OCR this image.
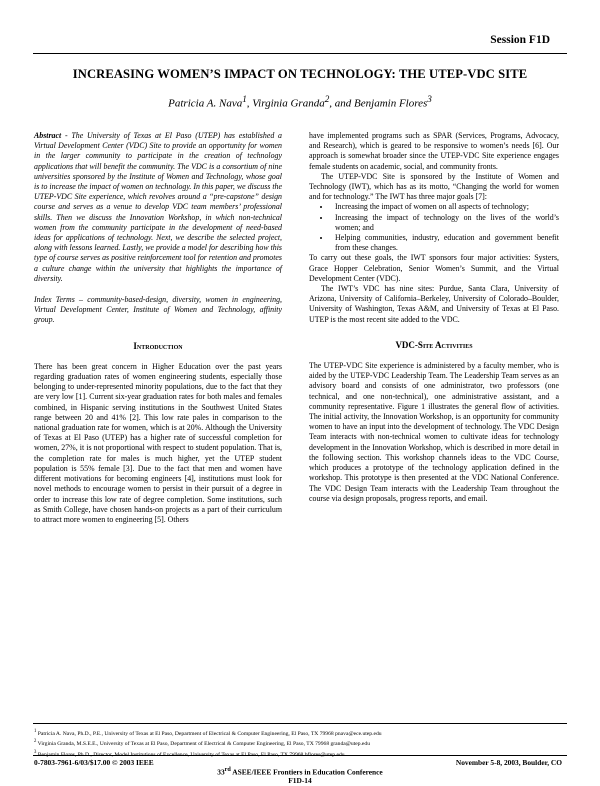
Session F1D
INCREASING WOMEN’S IMPACT ON TECHNOLOGY: THE UTEP-VDC SITE
Patricia A. Nava$^1$, Virginia Granda$^2$, and Benjamin Flores$^3$

Abstract - The University of Texas at El Paso (UTEP) has established a Virtual Development Center (VDC) Site to provide an opportunity for women in the larger community to participate in the creation of technology applications that will benefit the community. The VDC is a consortium of nine universities sponsored by the Institute of Women and Technology, whose goal is to increase the impact of women on technology. In this paper, we discuss the UTEP-VDC Site experience, which revolves around a “pre-capstone” design course and serves as a venue to develop VDC team members’ professional skills. Then we discuss the Innovation Workshop, in which non-technical women from the community participate in the development of need-based ideas for applications of technology. Next, we describe the selected project, along with lessons learned. Lastly, we provide a model for describing how this type of course serves as positive reinforcement tool for retention and promotes a culture change within the university that highlights the importance of diversity.

Index Terms – community-based-design, diversity, women in engineering, Virtual Development Center, Institute of Women and Technology, affinity group.

Introduction

There has been great concern in Higher Education over the past years regarding graduation rates of women engineering students, especially those belonging to under-represented minority populations, due to the fact that they are very low [1]. Current six-year graduation rates for both males and females combined, in Hispanic serving institutions in the Southwest United States range between 20 and 41% [2]. This low rate pales in comparison to the national graduation rate for women, which is at 20%. Although the University of Texas at El Paso (UTEP) has a higher rate of successful completion for women, 27%, it is not proportional with respect to student population. That is, the completion rate for males is much higher, yet the UTEP student population is 55% female [3]. Due to the fact that men and women have different motivations for becoming engineers [4], institutions must look for novel methods to encourage women to persist in their pursuit of a degree in order to increase this low rate of degree completion. Some institutions, such as Smith College, have chosen hands-on projects as a part of their curriculum to attract more women to engineering [5]. Others

have implemented programs such as SPAR (Services, Programs, Advocacy, and Research), which is geared to be responsive to women’s needs [6]. Our approach is somewhat broader since the UTEP-VDC Site experience engages female students on academic, social, and community fronts.

The UTEP-VDC Site is sponsored by the Institute of Women and Technology (IWT), which has as its motto, “Changing the world for women and for technology.” The IWT has three major goals [7]:

• Increasing the impact of women on all aspects of technology;
• Increasing the impact of technology on the lives of the world’s women; and
• Helping communities, industry, education and government benefit from these changes.

To carry out these goals, the IWT sponsors four major activities: Systers, Grace Hopper Celebration, Senior Women’s Summit, and the Virtual Development Center (VDC).

The IWT’s VDC has nine sites: Purdue, Santa Clara, University of Arizona, University of California–Berkeley, University of Colorado–Boulder, University of Washington, Texas A&M, and University of Texas at El Paso. UTEP is the most recent site added to the VDC.

VDC-Site Activities

The UTEP-VDC Site experience is administered by a faculty member, who is aided by the UTEP-VDC Leadership Team. The Leadership Team serves as an advisory board and consists of one administrator, two professors (one technical, and one non-technical), one administrative assistant, and a community representative. Figure 1 illustrates the general flow of activities. The initial activity, the Innovation Workshop, is an opportunity for community women to have an input into the development of technology. The VDC Design Team interacts with non-technical women to cultivate ideas for technology development in the Innovation Workshop, which is described in more detail in the following section. This workshop channels ideas to the VDC Course, which produces a prototype of the technology application defined in the workshop. This prototype is then presented at the VDC National Conference. The VDC Design Team interacts with the Leadership Team throughout the course via design proposals, progress reports, and email.

$^1$ Patricia A. Nava, Ph.D., P.E., University of Texas at El Paso, Department of Electrical & Computer Engineering, El Paso, TX 79968 pnava@ece.utep.edu
$^2$ Virginia Granda, M.S.E.E., University of Texas at El Paso, Department of Electrical & Computer Engineering, El Paso, TX 79968 granda@utep.edu
$^3$ Benjamin Flores, Ph.D., Director, Model Institutions of Excellence, University of Texas at El Paso, El Paso, TX 79968 bflores@utep.edu
0-7803-7961-6/03/$17.00 © 2003 IEEE	November 5-8, 2003, Boulder, CO
33rd ASEE/IEEE Frontiers in Education Conference
F1D-14
